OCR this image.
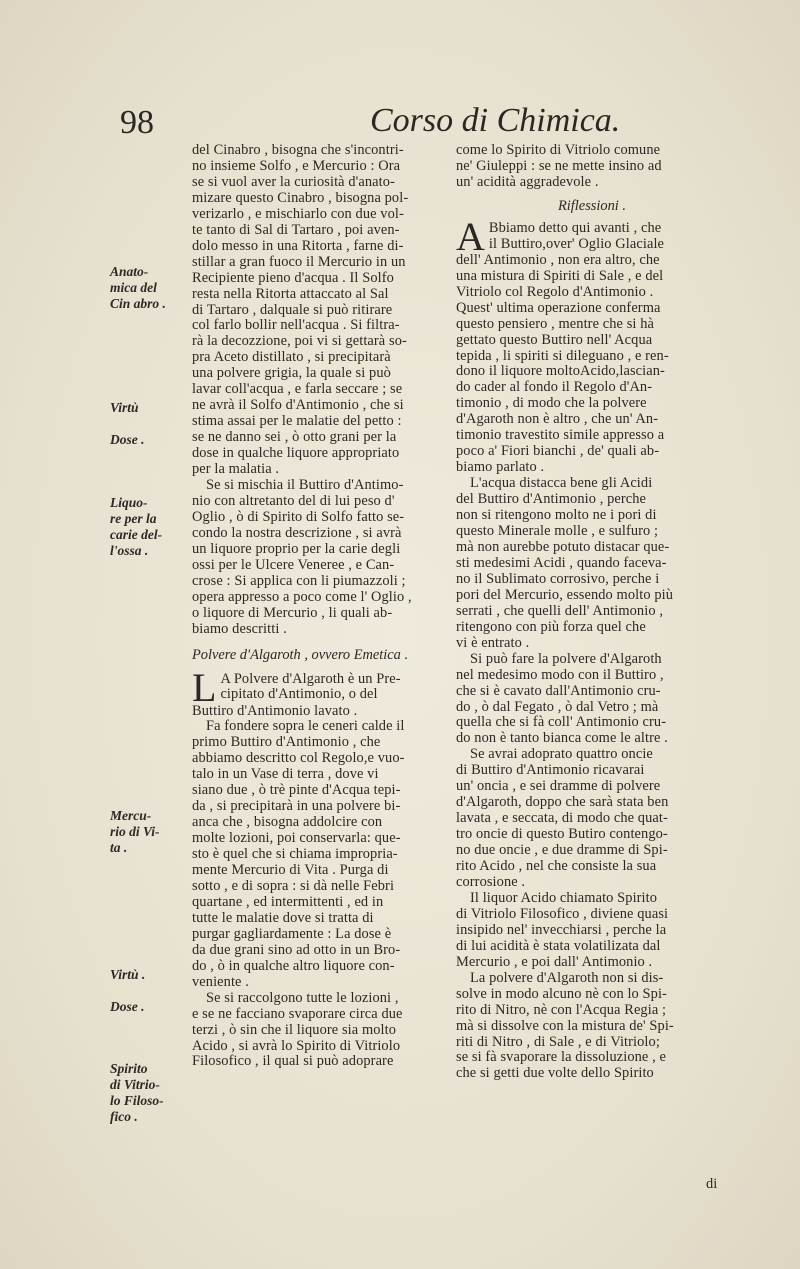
98	Corso di Chimica.
Anato-
mica del
Cin abro .
Virtù
Dose .
Liquo-
re per la
carie del-
l'ossa .
Mercu-
rio di Vi-
ta .
Virtù .
Dose .
Spirito
di Vitrio-
lo Filoso-
fico .
del Cinabro , bisogna che s'incontri-
no insieme Solfo , e Mercurio : Ora
se si vuol aver la curiosità d'anato-
mizare questo Cinabro , bisogna pol-
verizarlo , e mischiarlo con due vol-
te tanto di Sal di Tartaro , poi aven-
dolo messo in una Ritorta , farne di-
stillar a gran fuoco il Mercurio in un
Recipiente pieno d'acqua . Il Solfo
resta nella Ritorta attaccato al Sal
di Tartaro , dalquale si può ritirare
col farlo bollir nell'acqua . Si filtra-
rà la decozzione, poi vi si gettarà so-
pra Aceto distillato , si precipitarà
una polvere grigia, la quale si può
lavar coll'acqua , e farla seccare ; se
ne avrà il Solfo d'Antimonio , che si
stima assai per le malatie del petto :
se ne danno sei , ò otto grani per la
dose in qualche liquore appropriato
per la malatia .
Se si mischia il Buttiro d'Antimo-
nio con altretanto del di lui peso d'
Oglio , ò di Spirito di Solfo fatto se-
condo la nostra descrizione , si avrà
un liquore proprio per la carie degli
ossi per le Ulcere Veneree , e Can-
crose : Si applica con li piumazzoli ;
opera appresso a poco come l' Oglio ,
o liquore di Mercurio , li quali ab-
biamo descritti .
Polvere d'Algaroth , ovvero Emetica .
L A Polvere d'Algaroth è un Pre-
cipitato d'Antimonio, o del
Buttiro d'Antimonio lavato .
Fa fondere sopra le ceneri calde il
primo Buttiro d'Antimonio , che
abbiamo descritto col Regolo,e vuo-
talo in un Vase di terra , dove vi
siano due , ò trè pinte d'Acqua tepi-
da , si precipitarà in una polvere bi-
anca che , bisogna addolcire con
molte lozioni, poi conservarla: que-
sto è quel che si chiama impropria-
mente Mercurio di Vita . Purga di
sotto , e di sopra : si dà nelle Febri
quartane , ed intermittenti , ed in
tutte le malatie dove si tratta di
purgar gagliardamente : La dose è
da due grani sino ad otto in un Bro-
do , ò in qualche altro liquore con-
veniente .
Se si raccolgono tutte le lozioni ,
e se ne facciano svaporare circa due
terzi , ò sin che il liquore sia molto
Acido , si avrà lo Spirito di Vitriolo
Filosofico , il qual si può adoprare
come lo Spirito di Vitriolo comune
ne' Giuleppi : se ne mette insino ad
un' acidità aggradevole .
Riflessioni .
A Bbiamo detto qui avanti , che
il Buttiro,over' Oglio Glaciale
dell' Antimonio , non era altro, che
una mistura di Spiriti di Sale , e del
Vitriolo col Regolo d'Antimonio .
Quest' ultima operazione conferma
questo pensiero , mentre che si hà
gettato questo Buttiro nell' Acqua
tepida , li spiriti si dileguano , e ren-
dono il liquore moltoAcido,lascian-
do cader al fondo il Regolo d'An-
timonio , di modo che la polvere
d'Agaroth non è altro , che un' An-
timonio travestito simile appresso a
poco a' Fiori bianchi , de' quali ab-
biamo parlato .
L'acqua distacca bene gli Acidi
del Buttiro d'Antimonio , perche
non si ritengono molto ne i pori di
questo Minerale molle , e sulfuro ;
mà non aurebbe potuto distacar que-
sti medesimi Acidi , quando faceva-
no il Sublimato corrosivo, perche i
pori del Mercurio, essendo molto più
serrati , che quelli dell' Antimonio ,
ritengono con più forza quel che
vi è entrato .
Si può fare la polvere d'Algaroth
nel medesimo modo con il Buttiro ,
che si è cavato dall'Antimonio cru-
do , ò dal Fegato , ò dal Vetro ; mà
quella che si fà coll' Antimonio cru-
do non è tanto bianca come le altre .
Se avrai adoprato quattro oncie
di Buttiro d'Antimonio ricavarai
un' oncia , e sei dramme di polvere
d'Algaroth, doppo che sarà stata ben
lavata , e seccata, di modo che quat-
tro oncie di questo Butiro contengo-
no due oncie , e due dramme di Spi-
rito Acido , nel che consiste la sua
corrosione .
Il liquor Acido chiamato Spirito
di Vitriolo Filosofico , diviene quasi
insipido nel' invecchiarsi , perche la
di lui acidità è stata volatilizata dal
Mercurio , e poi dall' Antimonio .
La polvere d'Algaroth non si dis-
solve in modo alcuno nè con lo Spi-
rito di Nitro, nè con l'Acqua Regia ;
mà si dissolve con la mistura de' Spi-
riti di Nitro , di Sale , e di Vitriolo;
se si fà svaporare la dissoluzione , e
che si getti due volte dello Spirito
di
